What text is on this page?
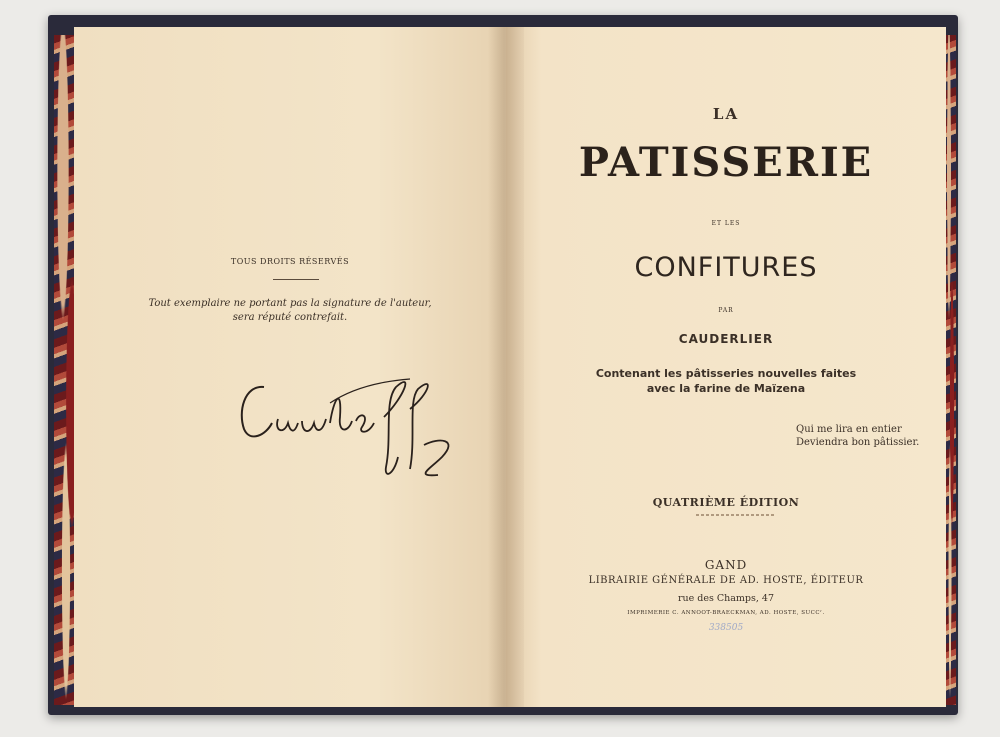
TOUS DROITS RÉSERVÉS
Tout exemplaire ne portant pas la signature de l'auteur,
sera réputé contrefait.
LA
PATISSERIE
ET LES
CONFITURES
PAR
CAUDERLIER
Contenant les pâtisseries nouvelles faites
avec la farine de Maïzena
Qui me lira en entier
Deviendra bon pâtissier.
QUATRIÈME ÉDITION
GAND
LIBRAIRIE GÉNÉRALE DE AD. HOSTE, ÉDITEUR
rue des Champs, 47
IMPRIMERIE C. ANNOOT-BRAECKMAN, AD. HOSTE, SUCCʳ.
338505
